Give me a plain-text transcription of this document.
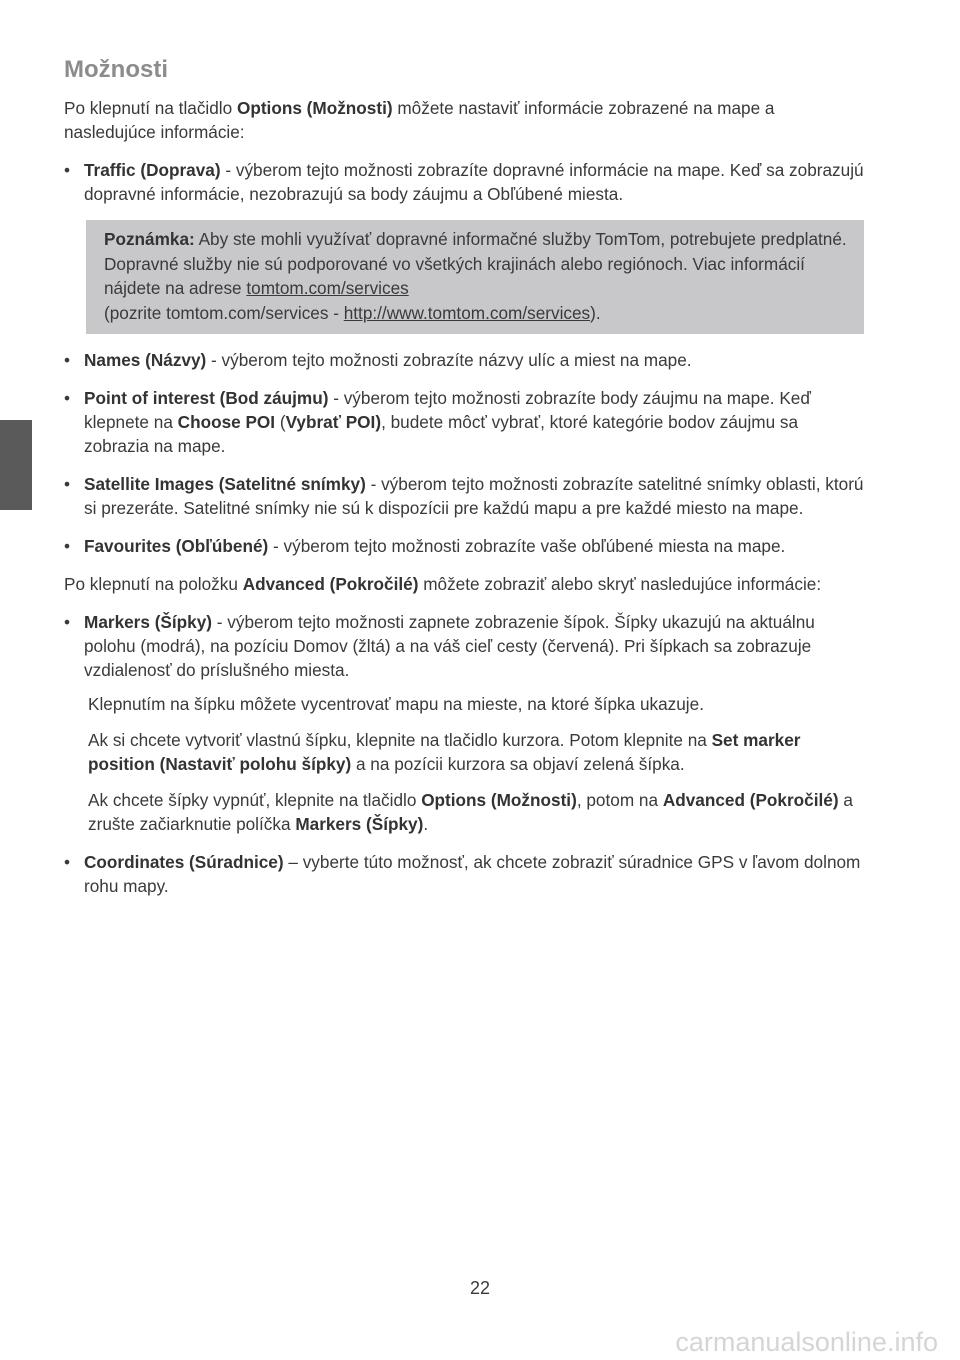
Možnosti

Po klepnutí na tlačidlo Options (Možnosti) môžete nastaviť informácie zobrazené na mape a nasledujúce informácie:

• Traffic (Doprava) - výberom tejto možnosti zobrazíte dopravné informácie na mape. Keď sa zobrazujú dopravné informácie, nezobrazujú sa body záujmu a Obľúbené miesta.

Poznámka: Aby ste mohli využívať dopravné informačné služby TomTom, potrebujete predplatné. Dopravné služby nie sú podporované vo všetkých krajinách alebo regiónoch. Viac informácií nájdete na adrese tomtom.com/services
(pozrite tomtom.com/services - http://www.tomtom.com/services).

• Names (Názvy) - výberom tejto možnosti zobrazíte názvy ulíc a miest na mape.

• Point of interest (Bod záujmu) - výberom tejto možnosti zobrazíte body záujmu na mape. Keď klepnete na Choose POI (Vybrať POI), budete môcť vybrať, ktoré kategórie bodov záujmu sa zobrazia na mape.

• Satellite Images (Satelitné snímky) - výberom tejto možnosti zobrazíte satelitné snímky oblasti, ktorú si prezeráte. Satelitné snímky nie sú k dispozícii pre každú mapu a pre každé miesto na mape.

• Favourites (Obľúbené) - výberom tejto možnosti zobrazíte vaše obľúbené miesta na mape.

Po klepnutí na položku Advanced (Pokročilé) môžete zobraziť alebo skryť nasledujúce informácie:

• Markers (Šípky) - výberom tejto možnosti zapnete zobrazenie šípok. Šípky ukazujú na aktuálnu polohu (modrá), na pozíciu Domov (žltá) a na váš cieľ cesty (červená). Pri šípkach sa zobrazuje vzdialenosť do príslušného miesta.

Klepnutím na šípku môžete vycentrovať mapu na mieste, na ktoré šípka ukazuje.

Ak si chcete vytvoriť vlastnú šípku, klepnite na tlačidlo kurzora. Potom klepnite na Set marker position (Nastaviť polohu šípky) a na pozícii kurzora sa objaví zelená šípka.

Ak chcete šípky vypnúť, klepnite na tlačidlo Options (Možnosti), potom na Advanced (Pokročilé) a zrušte začiarknutie políčka Markers (Šípky).

• Coordinates (Súradnice) – vyberte túto možnosť, ak chcete zobraziť súradnice GPS v ľavom dolnom rohu mapy.

22
carmanualsonline.info
